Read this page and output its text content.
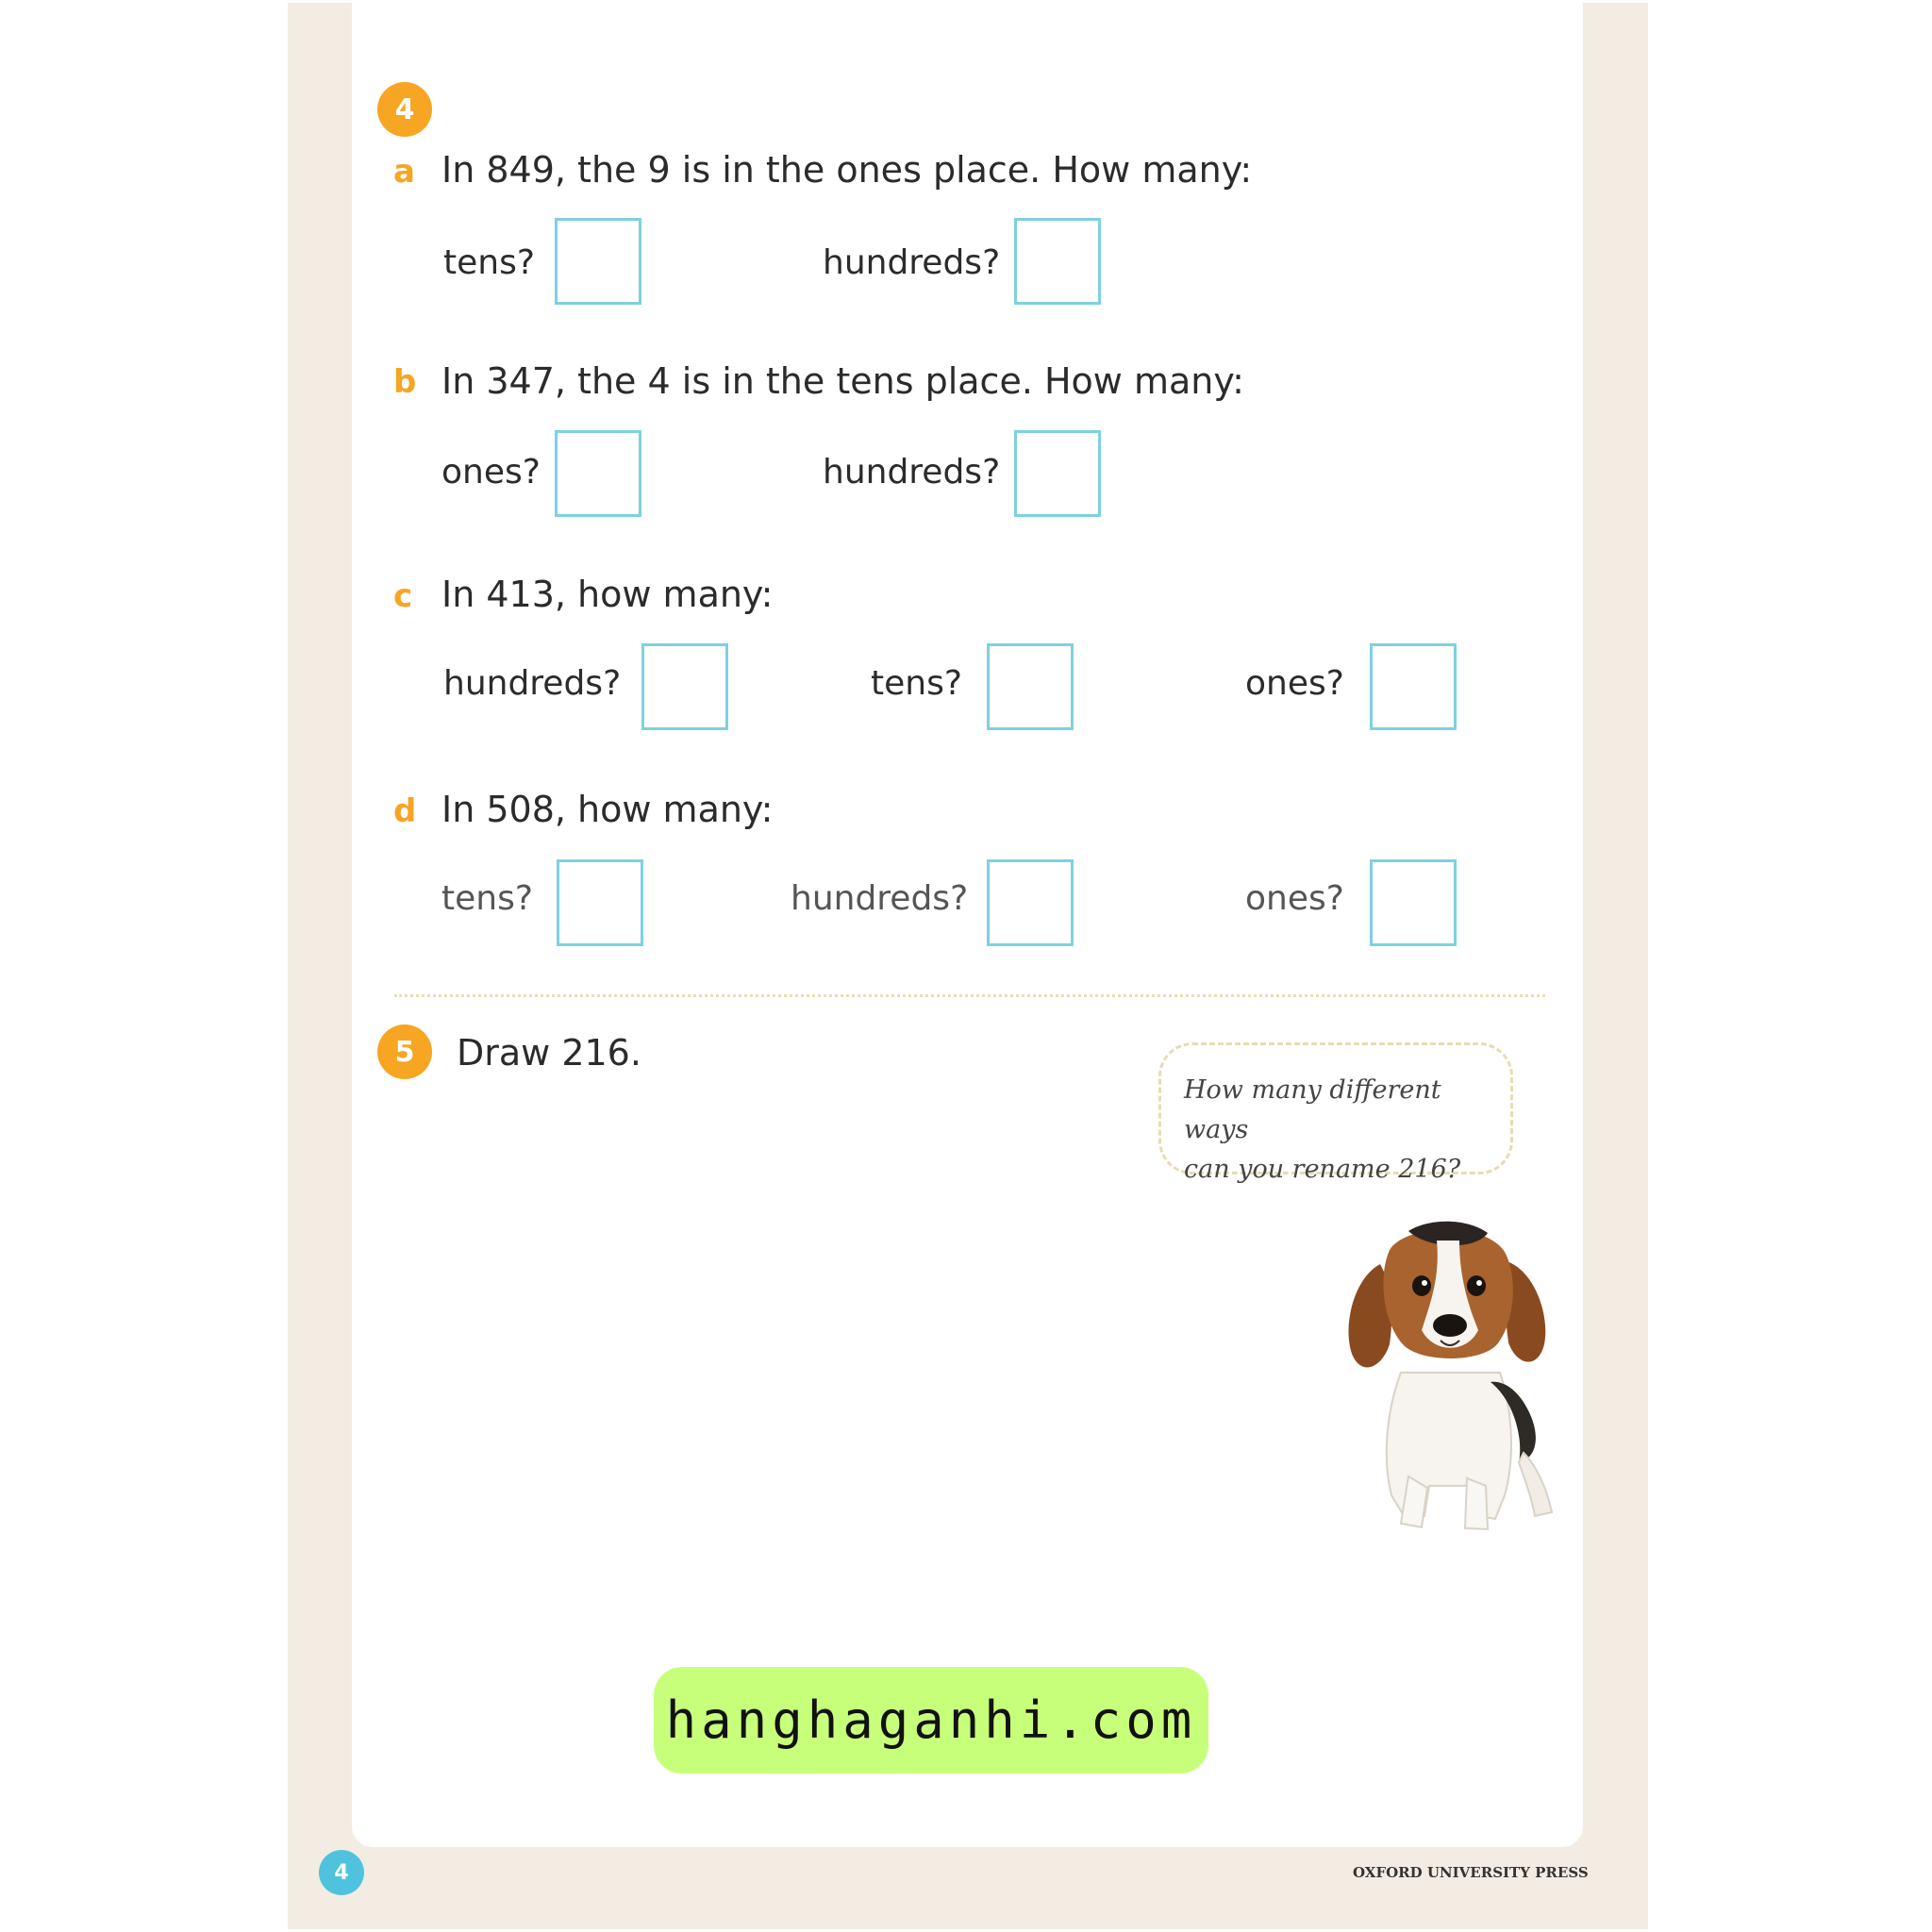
4
a In 849, the 9 is in the ones place. How many:
tens?	hundreds?
b In 347, the 4 is in the tens place. How many:
ones?	hundreds?
c In 413, how many:
hundreds?	tens?	ones?
d In 508, how many:
tens?	hundreds?	ones?
5	Draw 216.
How many different ways
can you rename 216?
hanghaganhi.com
4	OXFORD UNIVERSITY PRESS
